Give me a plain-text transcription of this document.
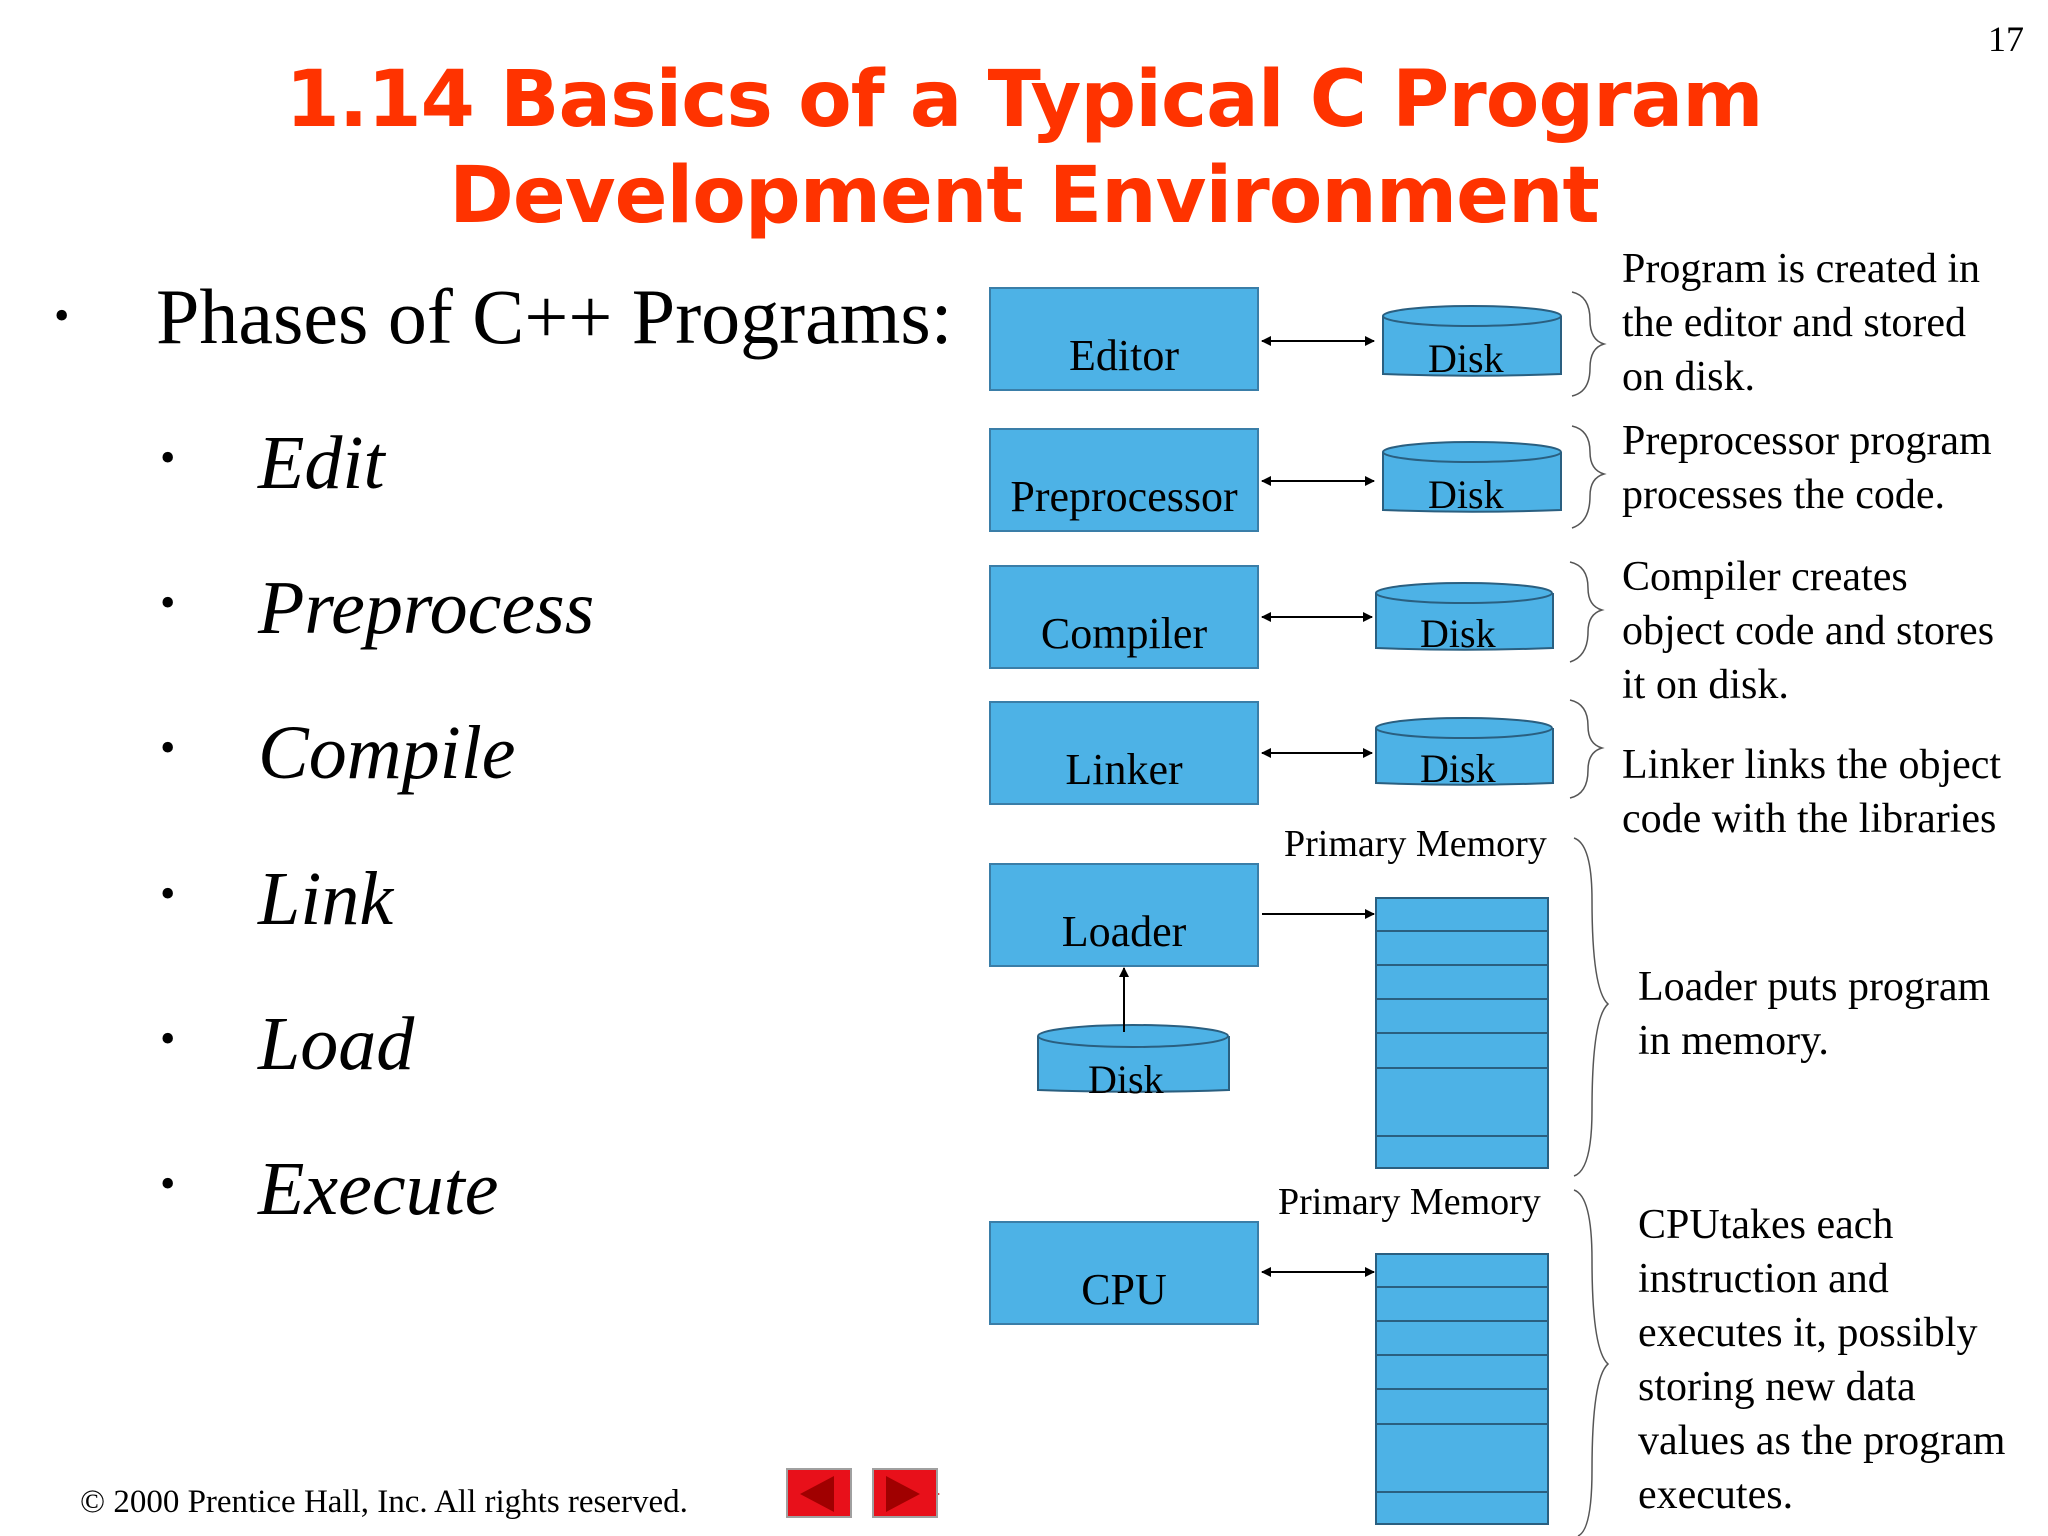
17
1.14 Basics of a Typical C Program
Development Environment
• Phases of C++ Programs:
• Edit
• Preprocess
• Compile
• Link
• Load
• Execute
Editor
Preprocessor
Compiler
Linker
Loader
CPU
Disk
Disk
Disk
Disk
Disk
Primary Memory
Primary Memory
Program is created in
the editor and stored
on disk.
Preprocessor program
processes the code.
Compiler creates
object code and stores
it on disk.
Linker links the object
code with the libraries
Loader puts program
in memory.
CPUtakes each
instruction and
executes it, possibly
storing new data
values as the program
executes.
© 2000 Prentice Hall, Inc. All rights reserved.
